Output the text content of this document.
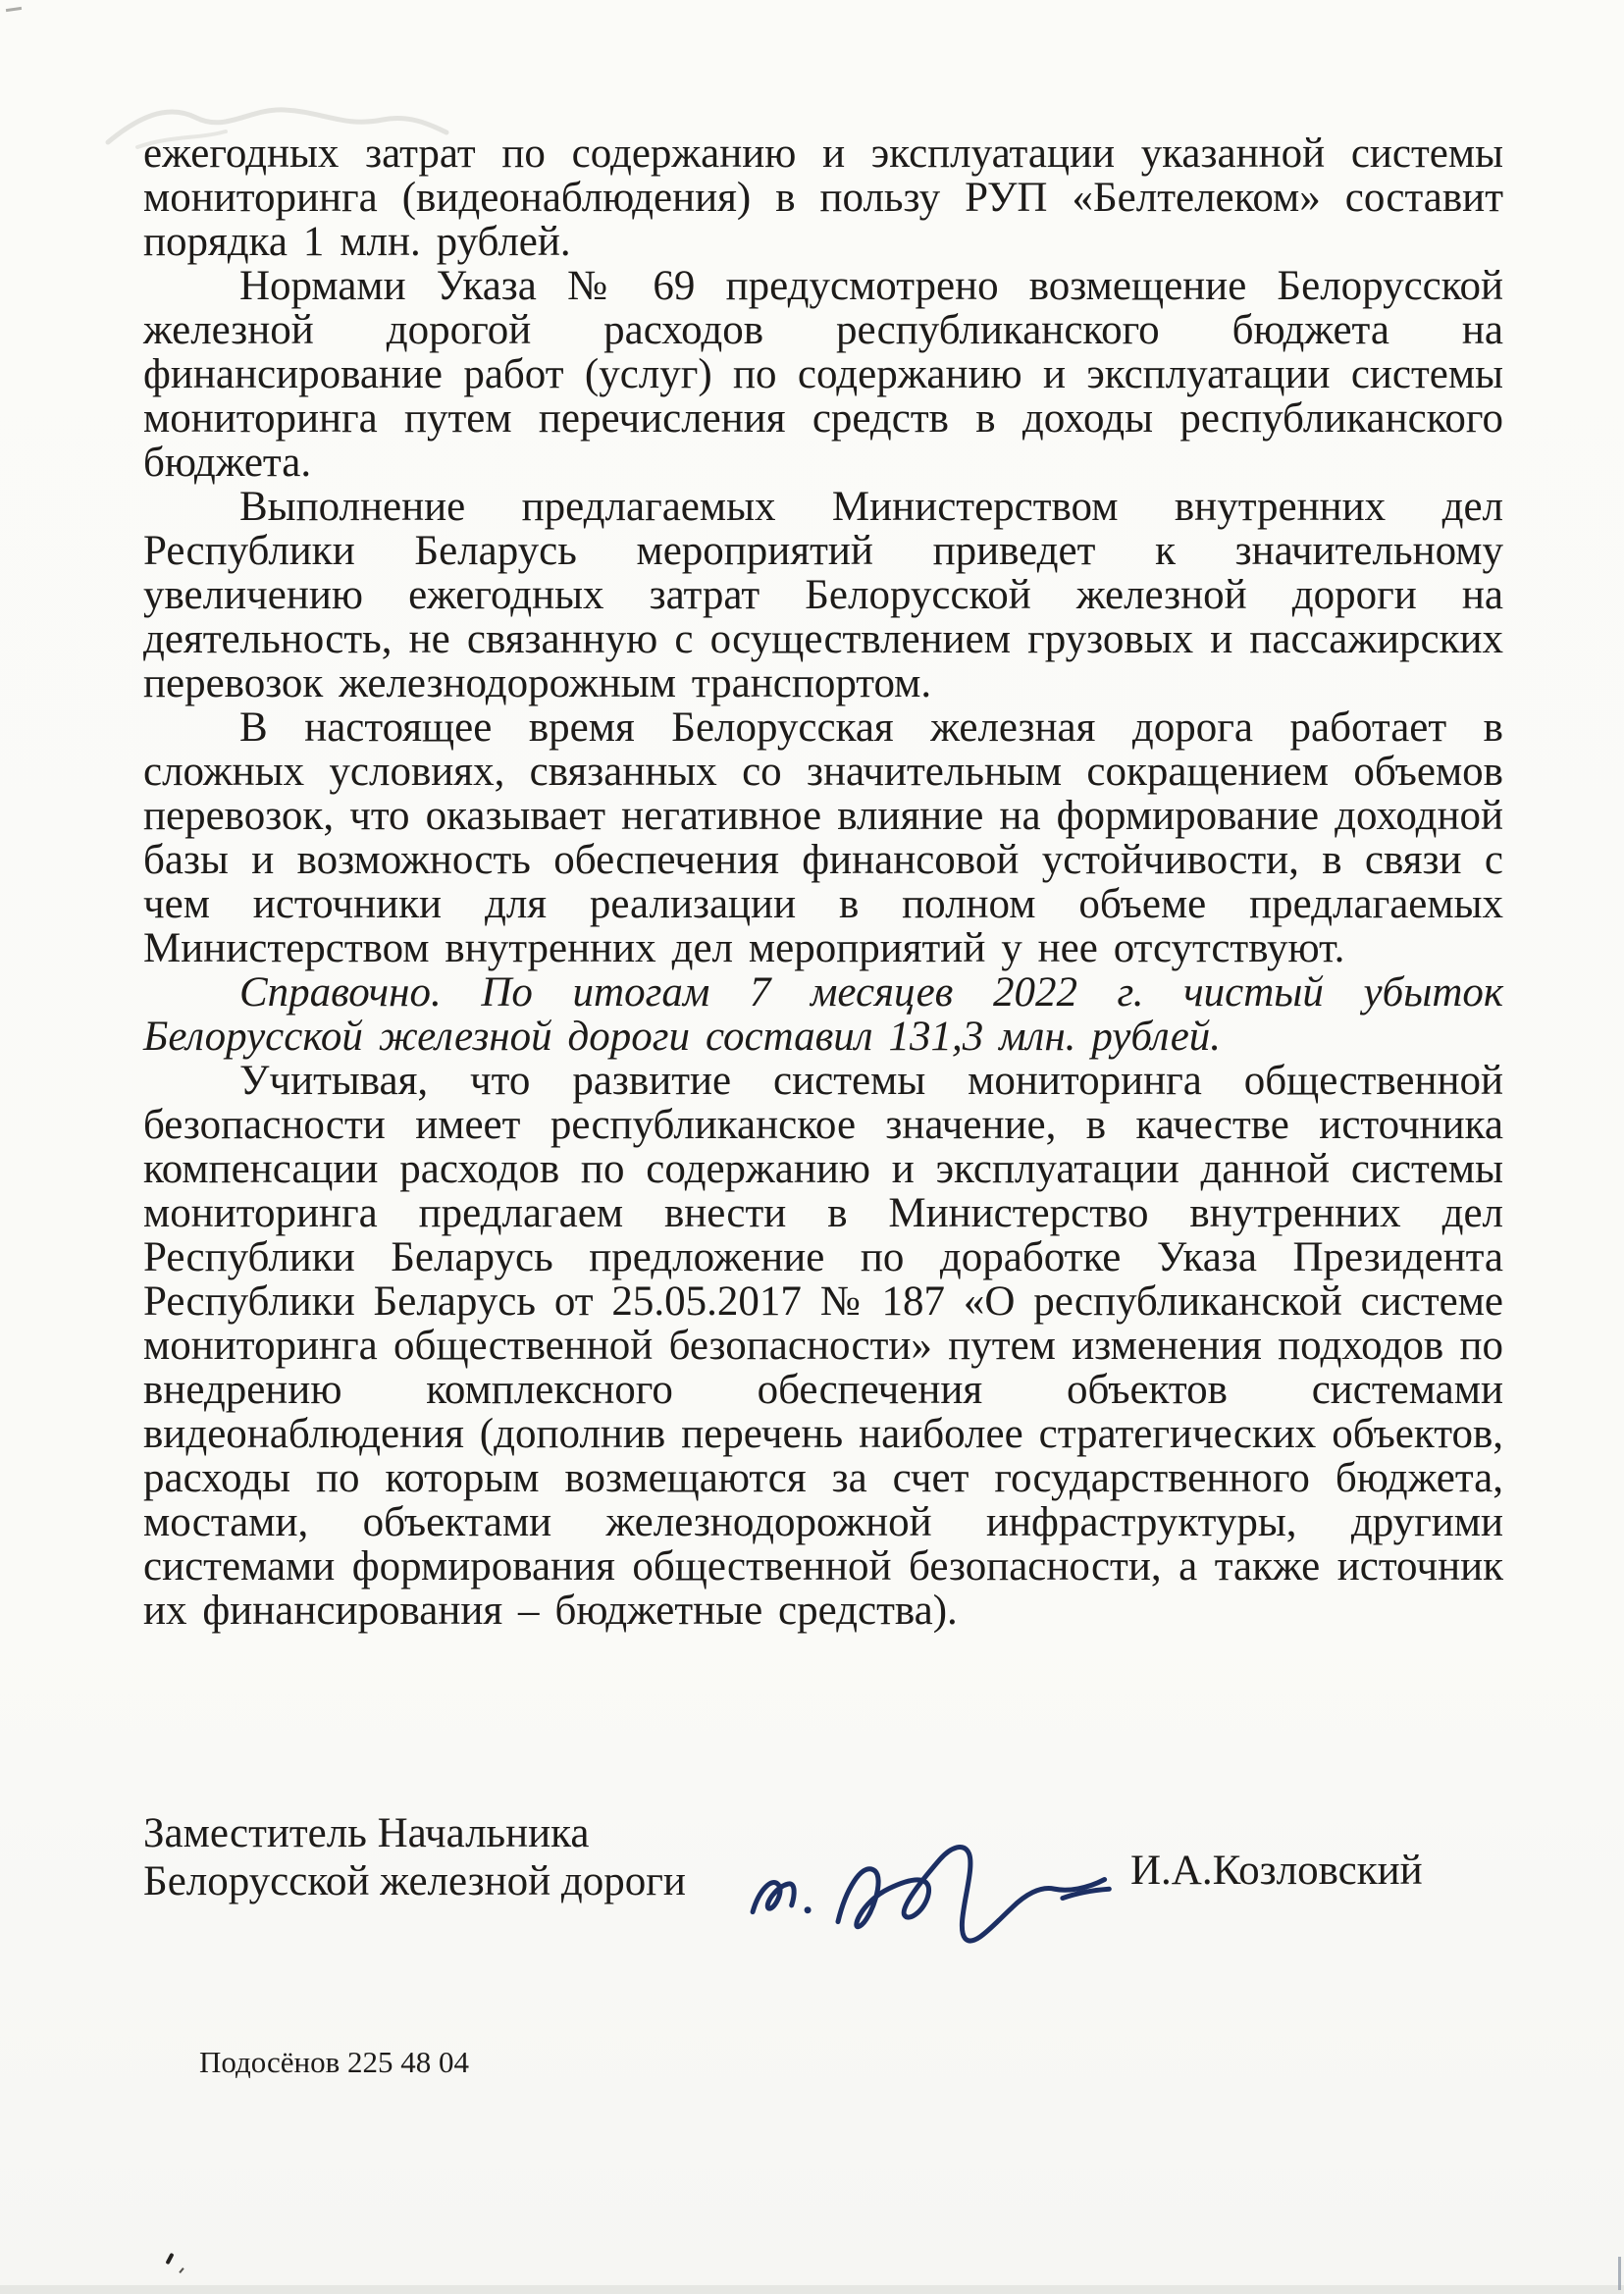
ежегодных затрат по содержанию и эксплуатации указанной системы мониторинга (видеонаблюдения) в пользу РУП «Белтелеком» составит порядка 1 млн. рублей.

Нормами Указа № 69 предусмотрено возмещение Белорусской железной дорогой расходов республиканского бюджета на финансирование работ (услуг) по содержанию и эксплуатации системы мониторинга путем перечисления средств в доходы республиканского бюджета.

Выполнение предлагаемых Министерством внутренних дел Республики Беларусь мероприятий приведет к значительному увеличению ежегодных затрат Белорусской железной дороги на деятельность, не связанную с осуществлением грузовых и пассажирских перевозок железнодорожным транспортом.

В настоящее время Белорусская железная дорога работает в сложных условиях, связанных со значительным сокращением объемов перевозок, что оказывает негативное влияние на формирование доходной базы и возможность обеспечения финансовой устойчивости, в связи с чем источники для реализации в полном объеме предлагаемых Министерством внутренних дел мероприятий у нее отсутствуют.

Справочно. По итогам 7 месяцев 2022 г. чистый убыток Белорусской железной дороги составил 131,3 млн. рублей.

Учитывая, что развитие системы мониторинга общественной безопасности имеет республиканское значение, в качестве источника компенсации расходов по содержанию и эксплуатации данной системы мониторинга предлагаем внести в Министерство внутренних дел Республики Беларусь предложение по доработке Указа Президента Республики Беларусь от 25.05.2017 № 187 «О республиканской системе мониторинга общественной безопасности» путем изменения подходов по внедрению комплексного обеспечения объектов системами видеонаблюдения (дополнив перечень наиболее стратегических объектов, расходы по которым возмещаются за счет государственного бюджета, мостами, объектами железнодорожной инфраструктуры, другими системами формирования общественной безопасности, а также источник их финансирования – бюджетные средства).

Заместитель Начальника
Белорусской железной дороги	И.А.Козловский
Подосёнов 225 48 04
